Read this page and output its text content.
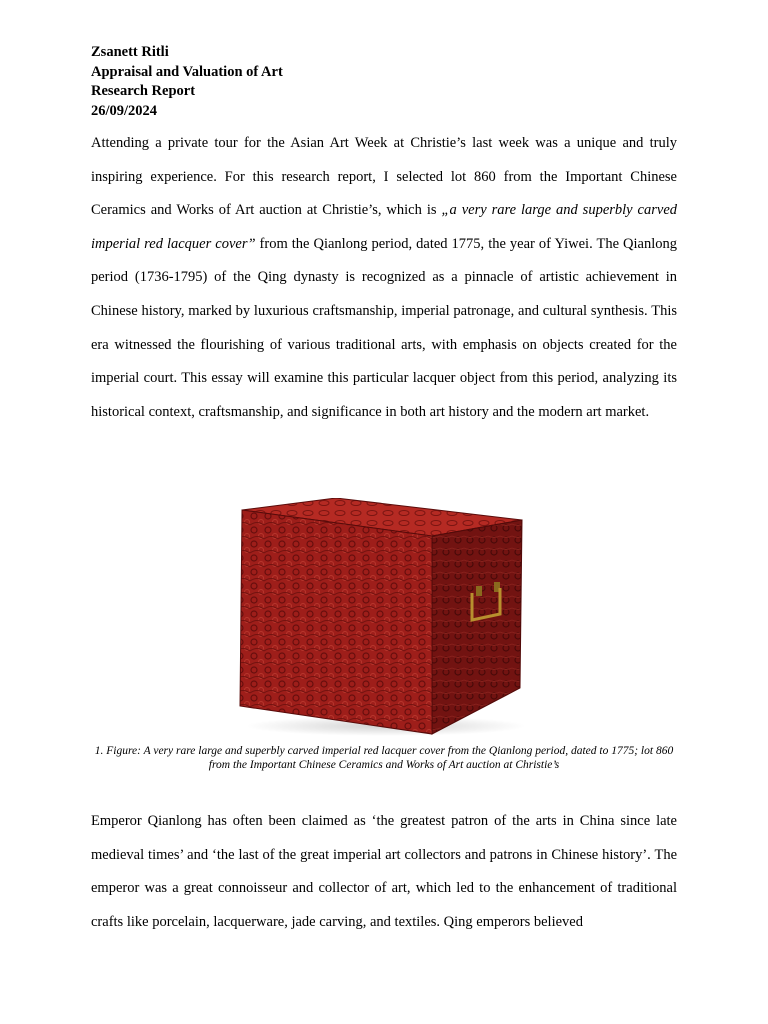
Zsanett Ritli
Appraisal and Valuation of Art
Research Report
26/09/2024

Attending a private tour for the Asian Art Week at Christie’s last week was a unique and truly inspiring experience. For this research report, I selected lot 860 from the Important Chinese Ceramics and Works of Art auction at Christie’s, which is „a very rare large and superbly carved imperial red lacquer cover” from the Qianlong period, dated 1775, the year of Yiwei. The Qianlong period (1736-1795) of the Qing dynasty is recognized as a pinnacle of artistic achievement in Chinese history, marked by luxurious craftsmanship, imperial patronage, and cultural synthesis. This era witnessed the flourishing of various traditional arts, with emphasis on objects created for the imperial court. This essay will examine this particular lacquer object from this period, analyzing its historical context, craftsmanship, and significance in both art history and the modern art market.

1. Figure: A very rare large and superbly carved imperial red lacquer cover from the Qianlong period, dated to 1775; lot 860 from the Important Chinese Ceramics and Works of Art auction at Christie’s

Emperor Qianlong has often been claimed as ‘the greatest patron of the arts in China since late medieval times’ and ‘the last of the great imperial art collectors and patrons in Chinese history’. The emperor was a great connoisseur and collector of art, which led to the enhancement of traditional crafts like porcelain, lacquerware, jade carving, and textiles. Qing emperors believed
